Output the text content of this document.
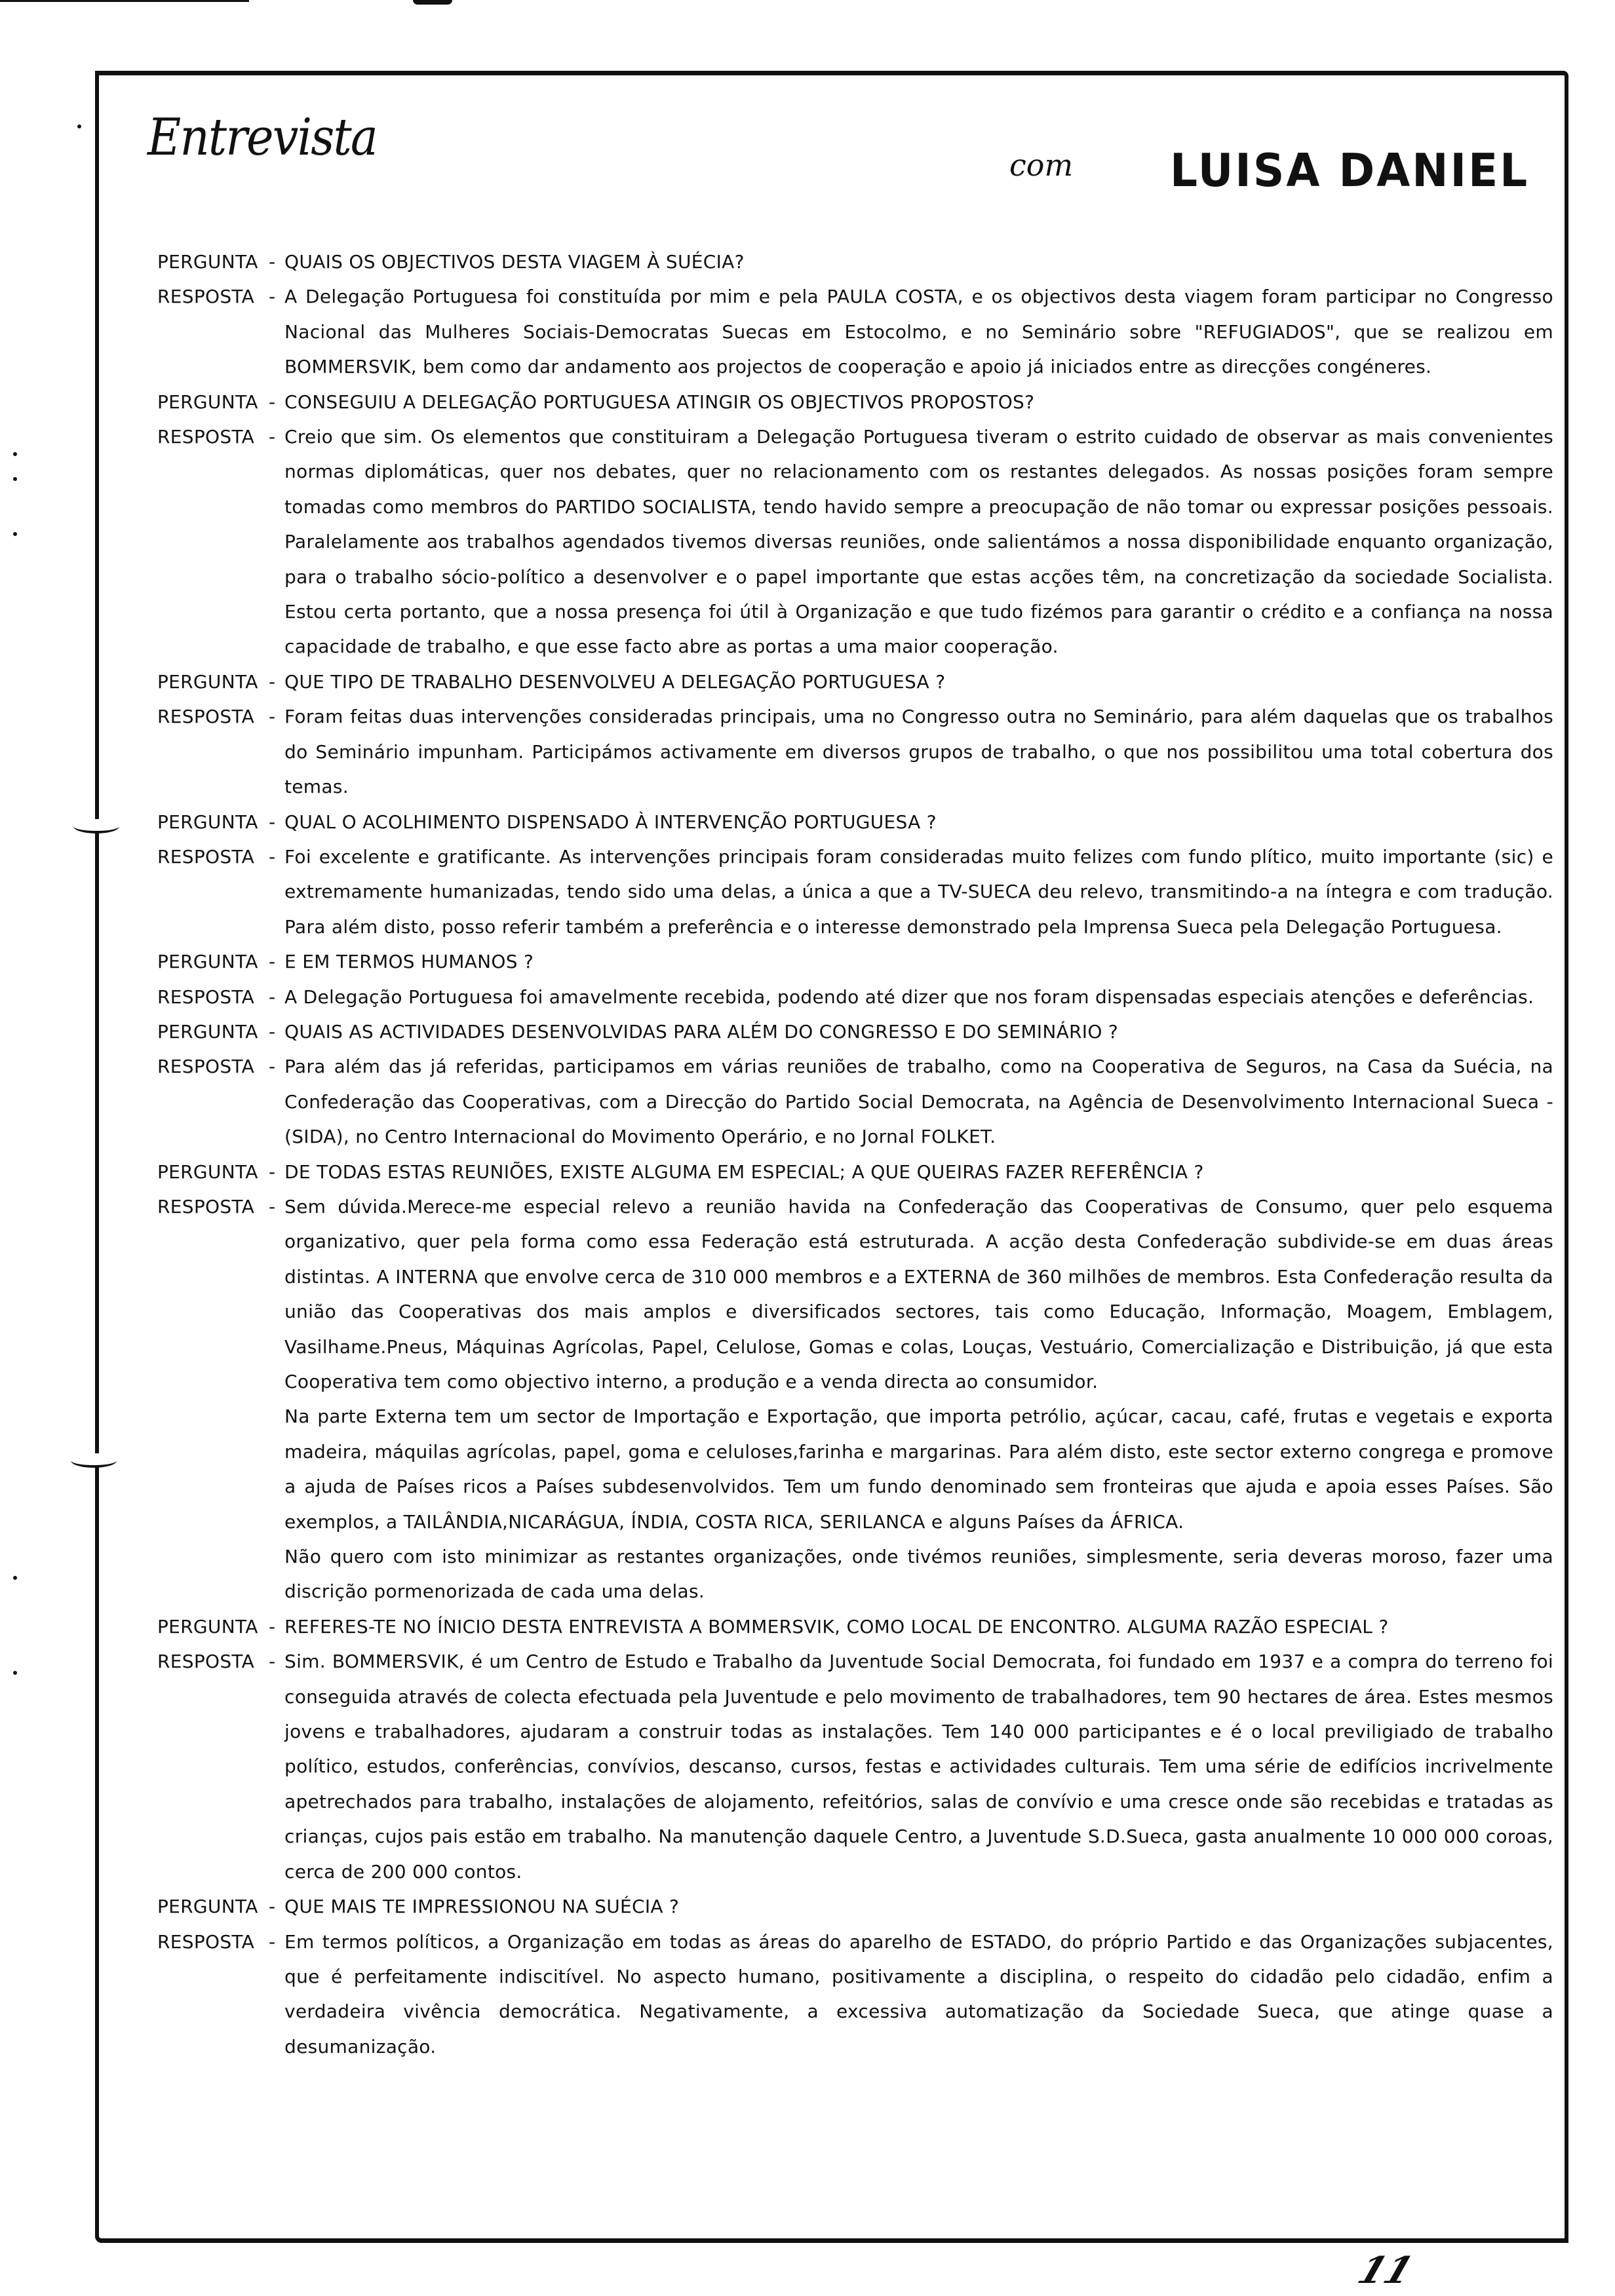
Entrevista	com LUISA DANIEL
PERGUNTA - QUAIS OS OBJECTIVOS DESTA VIAGEM À SUÉCIA?
RESPOSTA - A Delegação Portuguesa foi constituída por mim e pela PAULA COSTA, e os objectivos desta viagem foram participar no Congresso Nacional das Mulheres Sociais-Democratas Suecas em Estocolmo, e no Seminário sobre "REFUGIADOS", que se realizou em BOMMERSVIK, bem como dar andamento aos projectos de cooperação e apoio já iniciados entre as direcções congéneres.
PERGUNTA - CONSEGUIU A DELEGAÇÃO PORTUGUESA ATINGIR OS OBJECTIVOS PROPOSTOS?
RESPOSTA - Creio que sim. Os elementos que constituiram a Delegação Portuguesa tiveram o estrito cuidado de observar as mais convenientes normas diplomáticas, quer nos debates, quer no relacionamento com os restantes delegados. As nossas posições foram sempre tomadas como membros do PARTIDO SOCIALISTA, tendo havido sempre a preocupação de não tomar ou expressar posições pessoais. Paralelamente aos trabalhos agendados tivemos diversas reuniões, onde salientámos a nossa disponibilidade enquanto organização, para o trabalho sócio-político a desenvolver e o papel importante que estas acções têm, na concretização da sociedade Socialista. Estou certa portanto, que a nossa presença foi útil à Organização e que tudo fizémos para garantir o crédito e a confiança na nossa capacidade de trabalho, e que esse facto abre as portas a uma maior cooperação.
PERGUNTA - QUE TIPO DE TRABALHO DESENVOLVEU A DELEGAÇÃO PORTUGUESA ?
RESPOSTA - Foram feitas duas intervenções consideradas principais, uma no Congresso outra no Seminário, para além daquelas que os trabalhos do Seminário impunham. Participámos activamente em diversos grupos de trabalho, o que nos possibilitou uma total cobertura dos temas.
PERGUNTA - QUAL O ACOLHIMENTO DISPENSADO À INTERVENÇÃO PORTUGUESA ?
RESPOSTA - Foi excelente e gratificante. As intervenções principais foram consideradas muito felizes com fundo plítico, muito importante (sic) e extremamente humanizadas, tendo sido uma delas, a única a que a TV-SUECA deu relevo, transmitindo-a na íntegra e com tradução. Para além disto, posso referir também a preferência e o interesse demonstrado pela Imprensa Sueca pela Delegação Portuguesa.
PERGUNTA - E EM TERMOS HUMANOS ?
RESPOSTA - A Delegação Portuguesa foi amavelmente recebida, podendo até dizer que nos foram dispensadas especiais atenções e deferências.
PERGUNTA - QUAIS AS ACTIVIDADES DESENVOLVIDAS PARA ALÉM DO CONGRESSO E DO SEMINÁRIO ?
RESPOSTA - Para além das já referidas, participamos em várias reuniões de trabalho, como na Cooperativa de Seguros, na Casa da Suécia, na Confederação das Cooperativas, com a Direcção do Partido Social Democrata, na Agência de Desenvolvimento Internacional Sueca - (SIDA), no Centro Internacional do Movimento Operário, e no Jornal FOLKET.
PERGUNTA - DE TODAS ESTAS REUNIÕES, EXISTE ALGUMA EM ESPECIAL; A QUE QUEIRAS FAZER REFERÊNCIA ?
RESPOSTA - Sem dúvida.Merece-me especial relevo a reunião havida na Confederação das Cooperativas de Consumo, quer pelo esquema organizativo, quer pela forma como essa Federação está estruturada. A acção desta Confederação subdivide-se em duas áreas distintas. A INTERNA que envolve cerca de 310 000 membros e a EXTERNA de 360 milhões de membros. Esta Confederação resulta da união das Cooperativas dos mais amplos e diversificados sectores, tais como Educação, Informação, Moagem, Emblagem, Vasilhame.Pneus, Máquinas Agrícolas, Papel, Celulose, Gomas e colas, Louças, Vestuário, Comercialização e Distribuição, já que esta Cooperativa tem como objectivo interno, a produção e a venda directa ao consumidor.
Na parte Externa tem um sector de Importação e Exportação, que importa petrólio, açúcar, cacau, café, frutas e vegetais e exporta madeira, máquilas agrícolas, papel, goma e celuloses,farinha e margarinas. Para além disto, este sector externo congrega e promove a ajuda de Países ricos a Países subdesenvolvidos. Tem um fundo denominado sem fronteiras que ajuda e apoia esses Países. São exemplos, a TAILÂNDIA,NICARÁGUA, ÍNDIA, COSTA RICA, SERILANCA e alguns Países da ÁFRICA.
Não quero com isto minimizar as restantes organizações, onde tivémos reuniões, simplesmente, seria deveras moroso, fazer uma discrição pormenorizada de cada uma delas.
PERGUNTA - REFERES-TE NO ÍNICIO DESTA ENTREVISTA A BOMMERSVIK, COMO LOCAL DE ENCONTRO. ALGUMA RAZÃO ESPECIAL ?
RESPOSTA - Sim. BOMMERSVIK, é um Centro de Estudo e Trabalho da Juventude Social Democrata, foi fundado em 1937 e a compra do terreno foi conseguida através de colecta efectuada pela Juventude e pelo movimento de trabalhadores, tem 90 hectares de área. Estes mesmos jovens e trabalhadores, ajudaram a construir todas as instalações. Tem 140 000 participantes e é o local previligiado de trabalho político, estudos, conferências, convívios, descanso, cursos, festas e actividades culturais. Tem uma série de edifícios incrivelmente apetrechados para trabalho, instalações de alojamento, refeitórios, salas de convívio e uma cresce onde são recebidas e tratadas as crianças, cujos pais estão em trabalho. Na manutenção daquele Centro, a Juventude S.D.Sueca, gasta anualmente 10 000 000 coroas, cerca de 200 000 contos.
PERGUNTA - QUE MAIS TE IMPRESSIONOU NA SUÉCIA ?
RESPOSTA - Em termos políticos, a Organização em todas as áreas do aparelho de ESTADO, do próprio Partido e das Organizações subjacentes, que é perfeitamente indiscitível. No aspecto humano, positivamente a disciplina, o respeito do cidadão pelo cidadão, enfim a verdadeira vivência democrática. Negativamente, a excessiva automatização da Sociedade Sueca, que atinge quase a desumanização.
11
